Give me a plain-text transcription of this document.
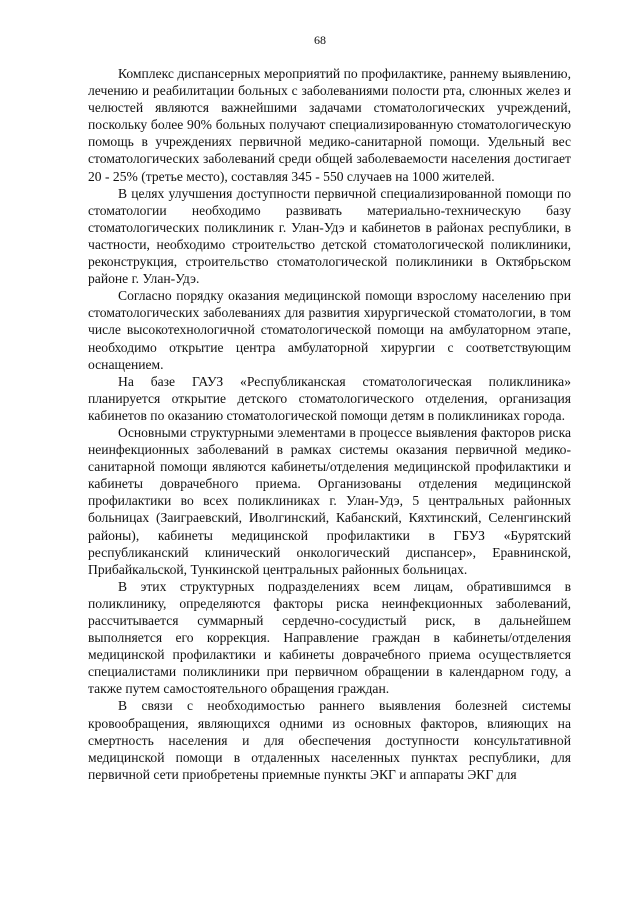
68

Комплекс диспансерных мероприятий по профилактике, раннему выявлению, лечению и реабилитации больных с заболеваниями полости рта, слюнных желез и челюстей являются важнейшими задачами стоматологических учреждений, поскольку более 90% больных получают специализированную стоматологическую помощь в учреждениях первичной медико-санитарной помощи. Удельный вес стоматологических заболеваний среди общей заболеваемости населения достигает 20 - 25% (третье место), составляя 345 - 550 случаев на 1000 жителей.

В целях улучшения доступности первичной специализированной помощи по стоматологии необходимо развивать материально-техническую базу стоматологических поликлиник г. Улан-Удэ и кабинетов в районах республики, в частности, необходимо строительство детской стоматологической поликлиники, реконструкция, строительство стоматологической поликлиники в Октябрьском районе г. Улан-Удэ.

Согласно порядку оказания медицинской помощи взрослому населению при стоматологических заболеваниях для развития хирургической стоматологии, в том числе высокотехнологичной стоматологической помощи на амбулаторном этапе, необходимо открытие центра амбулаторной хирургии с соответствующим оснащением.

На базе ГАУЗ «Республиканская стоматологическая поликлиника» планируется открытие детского стоматологического отделения, организация кабинетов по оказанию стоматологической помощи детям в поликлиниках города.

Основными структурными элементами в процессе выявления факторов риска неинфекционных заболеваний в рамках системы оказания первичной медико-санитарной помощи являются кабинеты/отделения медицинской профилактики и кабинеты доврачебного приема. Организованы отделения медицинской профилактики во всех поликлиниках г. Улан-Удэ, 5 центральных районных больницах (Заиграевский, Иволгинский, Кабанский, Кяхтинский, Селенгинский районы), кабинеты медицинской профилактики в ГБУЗ «Бурятский республиканский клинический онкологический диспансер», Еравнинской, Прибайкальской, Тункинской центральных районных больницах.

В этих структурных подразделениях всем лицам, обратившимся в поликлинику, определяются факторы риска неинфекционных заболеваний, рассчитывается суммарный сердечно-сосудистый риск, в дальнейшем выполняется его коррекция. Направление граждан в кабинеты/отделения медицинской профилактики и кабинеты доврачебного приема осуществляется специалистами поликлиники при первичном обращении в календарном году, а также путем самостоятельного обращения граждан.

В связи с необходимостью раннего выявления болезней системы кровообращения, являющихся одними из основных факторов, влияющих на смертность населения и для обеспечения доступности консультативной медицинской помощи в отдаленных населенных пунктах республики, для первичной сети приобретены приемные пункты ЭКГ и аппараты ЭКГ для
